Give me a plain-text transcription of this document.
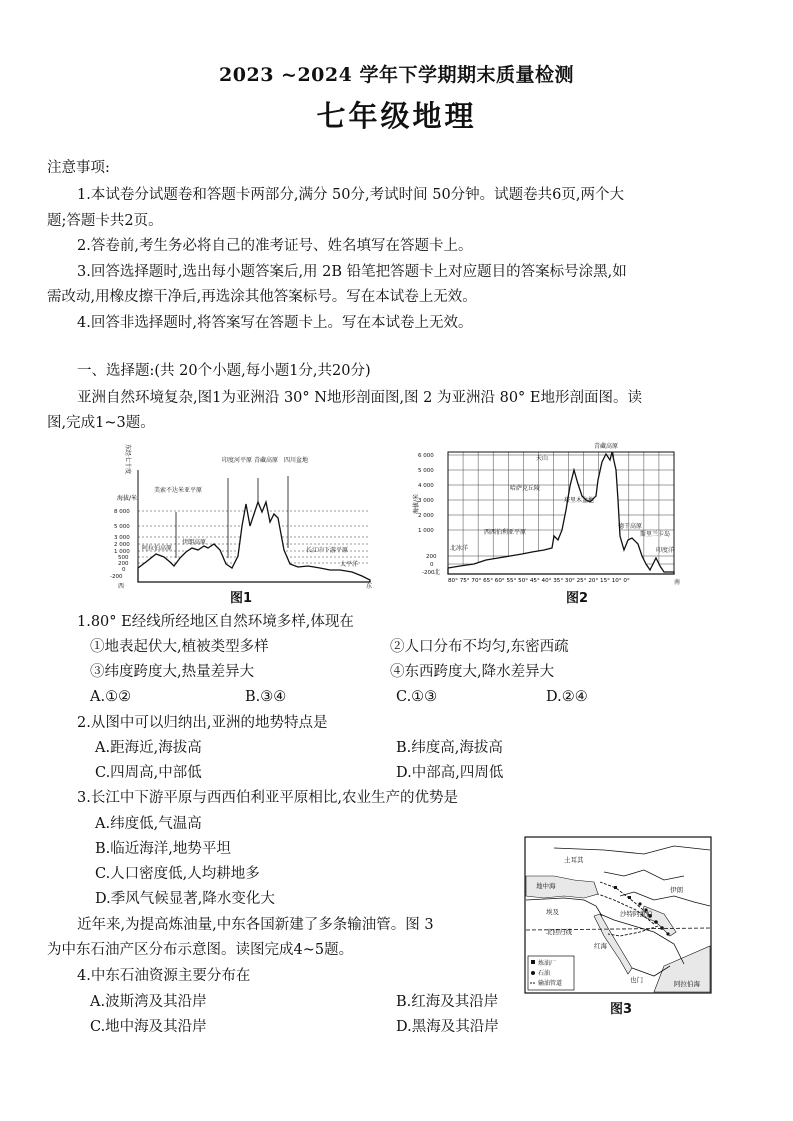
2023 ~2024 学年下学期期末质量检测
七年级地理
注意事项:
1.本试卷分试题卷和答题卡两部分,满分 50分,考试时间 50分钟。试题卷共6页,两个大
题;答题卡共2页。
2.答卷前,考生务必将自己的准考证号、姓名填写在答题卡上。
3.回答选择题时,选出每小题答案后,用 2B 铅笔把答题卡上对应题目的答案标号涂黑,如
需改动,用橡皮擦干净后,再选涂其他答案标号。写在本试卷上无效。
4.回答非选择题时,将答案写在答题卡上。写在本试卷上无效。
一、选择题:(共 20个小题,每小题1分,共20分)
亚洲自然环境复杂,图1为亚洲沿 30° N地形剖面图,图 2 为亚洲沿 80° E地形剖面图。读
图,完成1~3题。
海拔/米
8 000
5 000
3 000
2 000
1 000
500
200
0
-200
东经七十度
美索不达米亚平原
印度河平原 青藏高原 四川盆地
阿拉伯高原
伊朗高原
长江中下游平原
太平洋
西	东
图1
6 000
5 000
4 000
3 000
2 000
1 000
200
0
-200
海拔/米
青藏高原
天山
哈萨克丘陵
塔里木盆地
西西伯利亚平原
北冰洋
德干高原
斯里兰卡岛
印度洋
北
南
80° 75° 70° 65° 60° 55° 50° 45° 40° 35° 30° 25° 20° 15° 10° 0°
图2
1.80° E经线所经地区自然环境多样,体现在
①地表起伏大,植被类型多样	②人口分布不均匀,东密西疏
③纬度跨度大,热量差异大	④东西跨度大,降水差异大
A.①②	B.③④	C.①③	D.②④
2.从图中可以归纳出,亚洲的地势特点是
A.距海近,海拔高	B.纬度高,海拔高
C.四周高,中部低	D.中部高,四周低
3.长江中下游平原与西西伯利亚平原相比,农业生产的优势是
A.纬度低,气温高
B.临近海洋,地势平坦
C.人口密度低,人均耕地多
D.季风气候显著,降水变化大
近年来,为提高炼油量,中东各国新建了多条输油管。图 3
为中东石油产区分布示意图。读图完成4~5题。
土耳其
地中海
埃及
伊朗
沙特阿拉伯
红海
阿拉伯海
也门
北回归线
炼油厂
石油
输油管道
图3
4.中东石油资源主要分布在
A.波斯湾及其沿岸	B.红海及其沿岸
C.地中海及其沿岸	D.黑海及其沿岸
